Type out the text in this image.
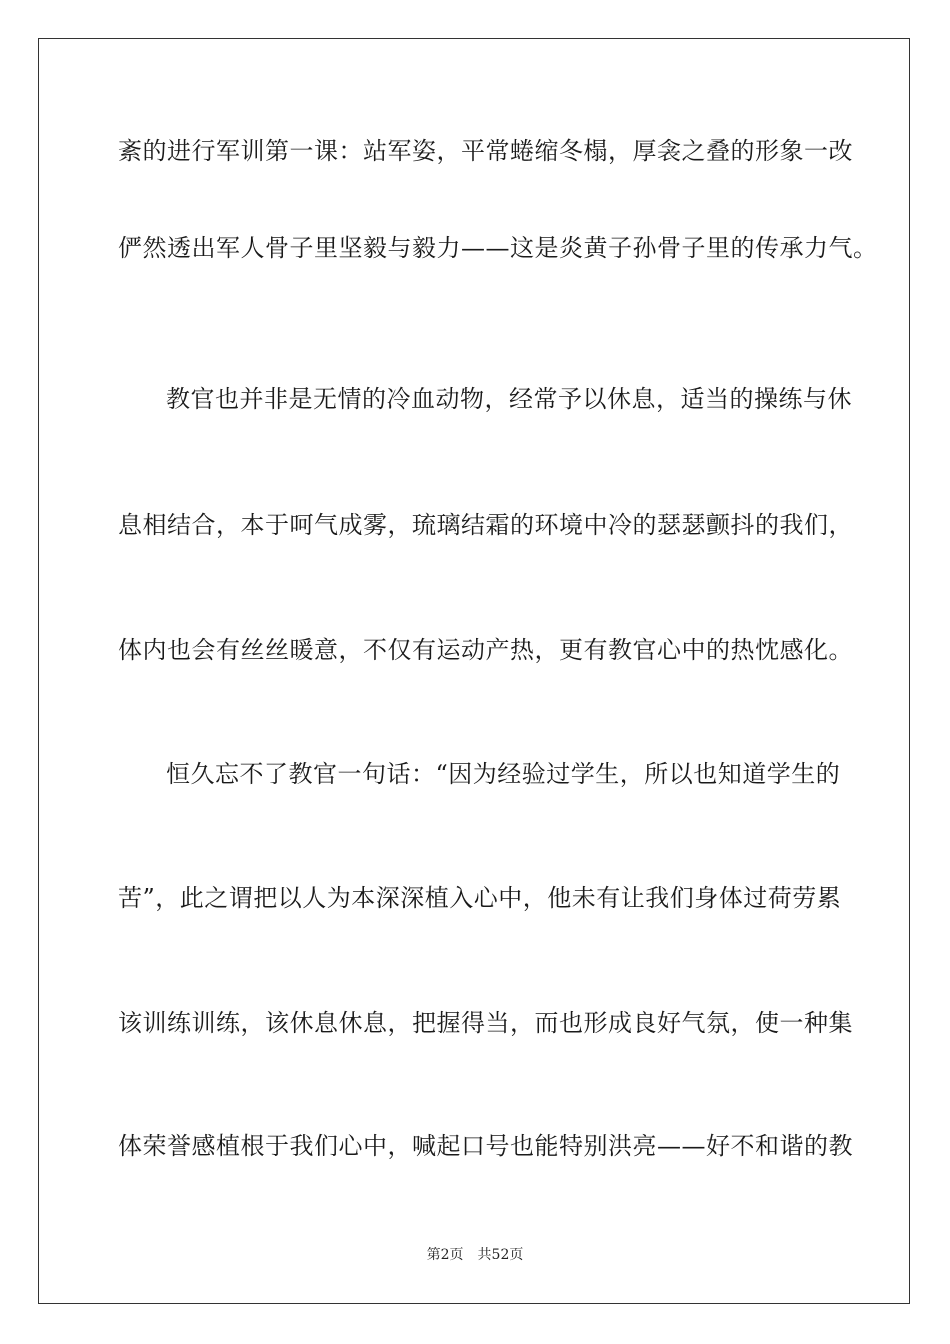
紊的进行军训第一课：站军姿，平常蜷缩冬榻，厚衾之叠的形象一改
俨然透出军人骨子里坚毅与毅力——这是炎黄子孙骨子里的传承力气。
教官也并非是无情的冷血动物，经常予以休息，适当的操练与休
息相结合，本于呵气成雾，琉璃结霜的环境中冷的瑟瑟颤抖的我们，
体内也会有丝丝暖意，不仅有运动产热，更有教官心中的热忱感化。
恒久忘不了教官一句话：“因为经验过学生，所以也知道学生的
苦”，此之谓把以人为本深深植入心中，他未有让我们身体过荷劳累
该训练训练，该休息休息，把握得当，而也形成良好气氛，使一种集
体荣誉感植根于我们心中，喊起口号也能特别洪亮——好不和谐的教
第2页 共52页
